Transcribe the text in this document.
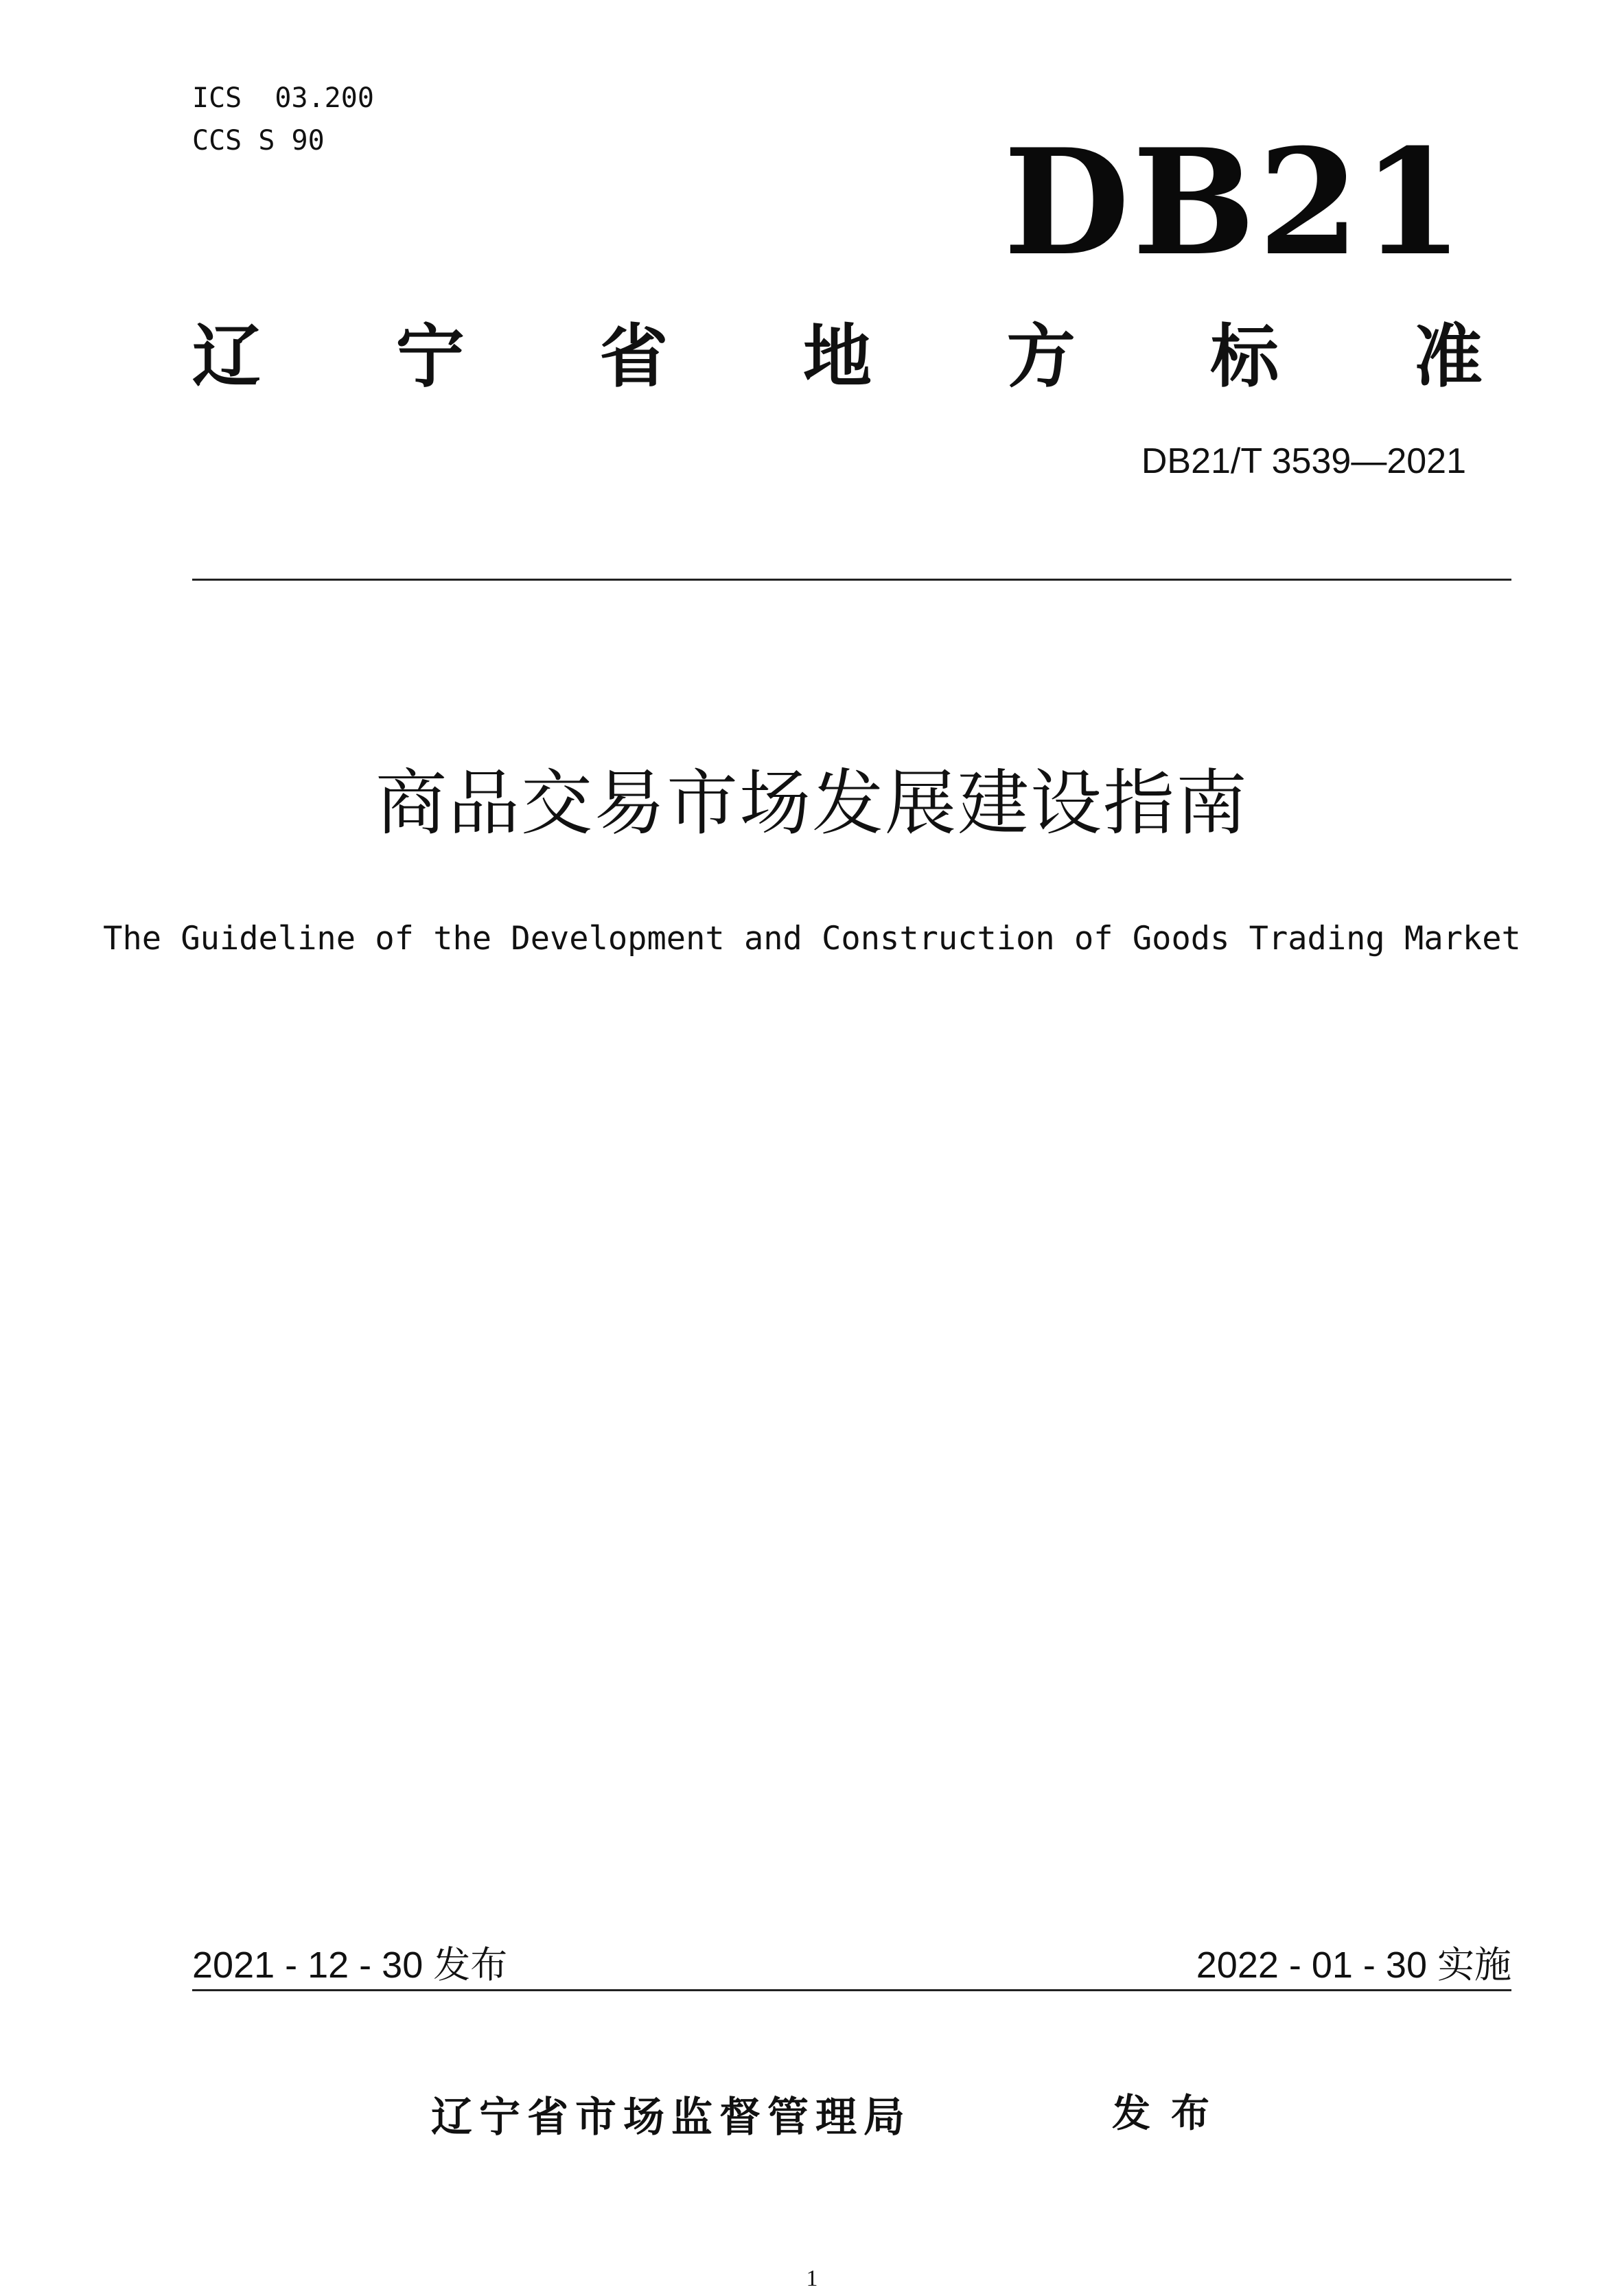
ICS  03.200
CCS S 90	DB21
辽 宁 省 地 方 标 准
DB21/T 3539—2021
商品交易市场发展建设指南
The Guideline of the Development and Construction of Goods Trading Market
2021 - 12 - 30 发布	2022 - 01 - 30 实施
辽宁省市场监督管理局	发布
1
